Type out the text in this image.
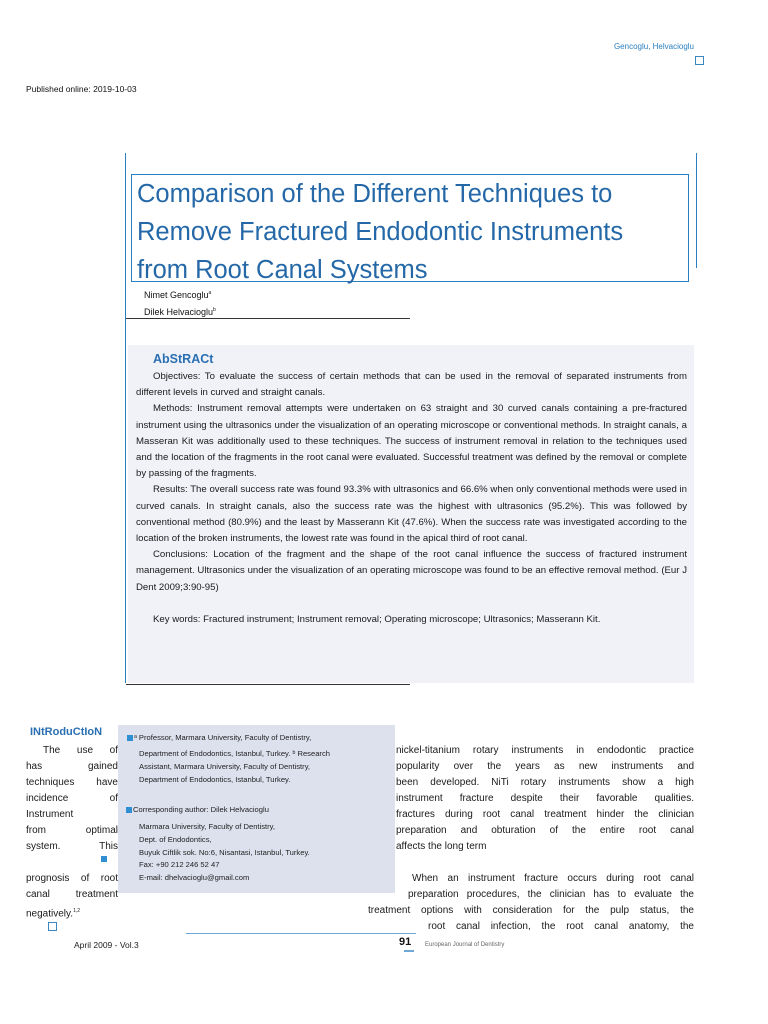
Gencoglu, Helvacioglu
Published online: 2019-10-03
Comparison of the Different Techniques to
Remove Fractured Endodontic Instruments
from Root Canal Systems
Nimet Gencoglu$^a$
Dilek Helvacioglu$^b$
AbStRACt

Objectives: To evaluate the success of certain methods that can be used in the removal of separated instruments from different levels in curved and straight canals.

Methods: Instrument removal attempts were undertaken on 63 straight and 30 curved canals containing a pre-fractured instrument using the ultrasonics under the visualization of an operating microscope or conventional methods. In straight canals, a Masseran Kit was additionally used to these techniques. The success of instrument removal in relation to the techniques used and the location of the fragments in the root canal were evaluated. Successful treatment was defined by the removal or complete by passing of the fragments.

Results: The overall success rate was found 93.3% with ultrasonics and 66.6% when only conventional methods were used in curved canals. In straight canals, also the success rate was the highest with ultrasonics (95.2%). This was followed by conventional method (80.9%) and the least by Masserann Kit (47.6%). When the success rate was investigated according to the location of the broken instruments, the lowest rate was found in the apical third of root canal.

Conclusions: Location of the fragment and the shape of the root canal influence the success of fractured instrument management. Ultrasonics under the visualization of an operating microscope was found to be an effective removal method. (Eur J Dent 2009;3:90-95)

Key words: Fractured instrument; Instrument removal; Operating microscope; Ultrasonics; Masserann Kit.

INtRoduCtIoN
The use of
has gained
techniques have
incidence of
Instrument
from optimal
system. This
nickel-titanium rotary instruments in endodontic practice
popularity over the years as new instruments and
been developed. NiTi rotary instruments show a high
instrument fracture despite their favorable qualities.
fractures during root canal treatment hinder the clinician
preparation and obturation of the entire root canal
affects the long term
prognosis of root
canal treatment
negatively.$^{1,2}$
When an instrument fracture occurs during root canal
preparation procedures, the clinician has to evaluate the
treatment options with consideration for the pulp status, the
root canal infection, the root canal anatomy, the
ᵃ Professor, Marmara University, Faculty of Dentistry,
Department of Endodontics, Istanbul, Turkey. ᵇ Research
Assistant, Marmara University, Faculty of Dentistry,
Department of Endodontics, Istanbul, Turkey.
Corresponding author: Dilek Helvacioglu
Marmara University, Faculty of Dentistry,
Dept. of Endodontics,
Buyuk Ciftlik sok. No:6, Nisantasi, Istanbul, Turkey.
Fax: +90 212 246 52 47
E-mail: dhelvacioglu@gmail.com
April 2009 - Vol.3	91 European Journal of Dentistry
